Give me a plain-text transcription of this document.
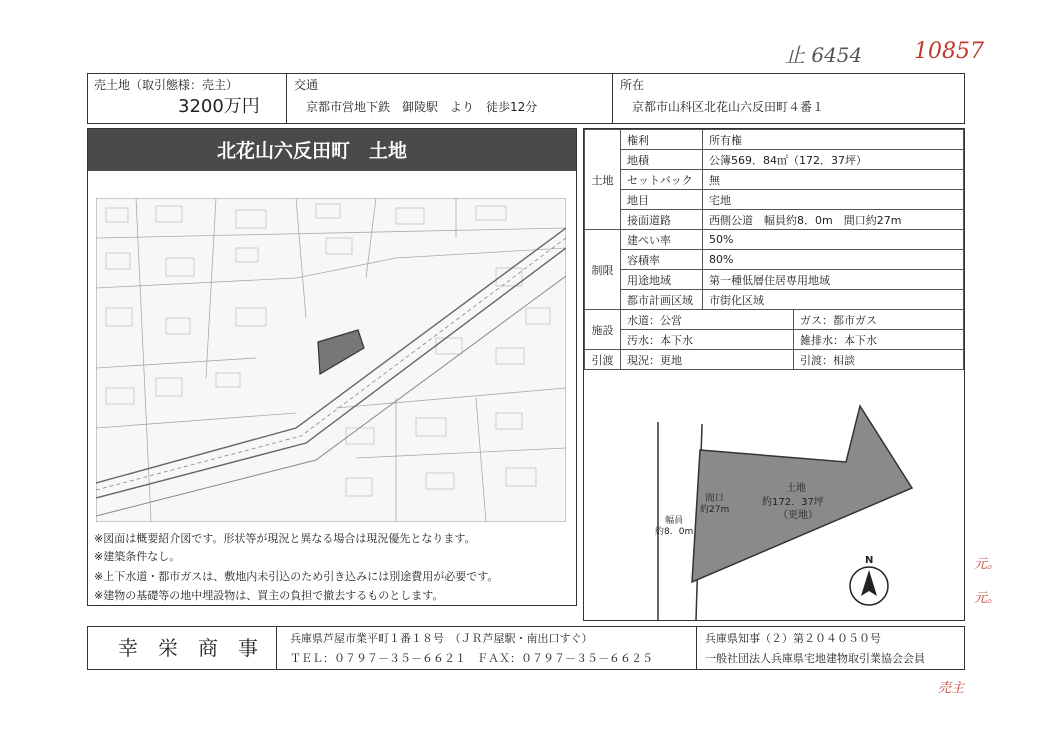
止 6454 10857
元。
元。
売主
売土地（取引態様：売主）
3200万円
交通
京都市営地下鉄　御陵駅　より　徒歩12分
所在
京都市山科区北花山六反田町４番１
北花山六反田町　土地
※図面は概要紹介図です。形状等が現況と異なる場合は現況優先となります。
※建築条件なし。
※上下水道・都市ガスは、敷地内未引込のため引き込みには別途費用が必要です。
※建物の基礎等の地中埋設物は、買主の負担で撤去するものとします。
土地	権利	所有権	
	地積	公簿569．84㎡（172．37坪）	
	セットバック	無	
	地目	宅地	
	接面道路	西側公道　幅員約8．0m　間口約27m	
制限	建ぺい率	50%	
	容積率	80%	
	用途地域	第一種低層住居専用地域	
	都市計画区域	市街化区域	
施設	水道：公営		ガス：都市ガス
	汚水：本下水		雑排水：本下水
引渡	現況：更地		引渡：相談
間口
約27m
幅員
約8．0m
土地
約172．37坪
（更地）
N
幸　栄　商　事	兵庫県芦屋市業平町１番１８号　（ＪＲ芦屋駅・南出口すぐ）
ＴＥＬ：０７９７－３５－６６２１　ＦＡＸ：０７９７－３５－６６２５
兵庫県知事（２）第２０４０５０号
一般社団法人兵庫県宅地建物取引業協会会員
